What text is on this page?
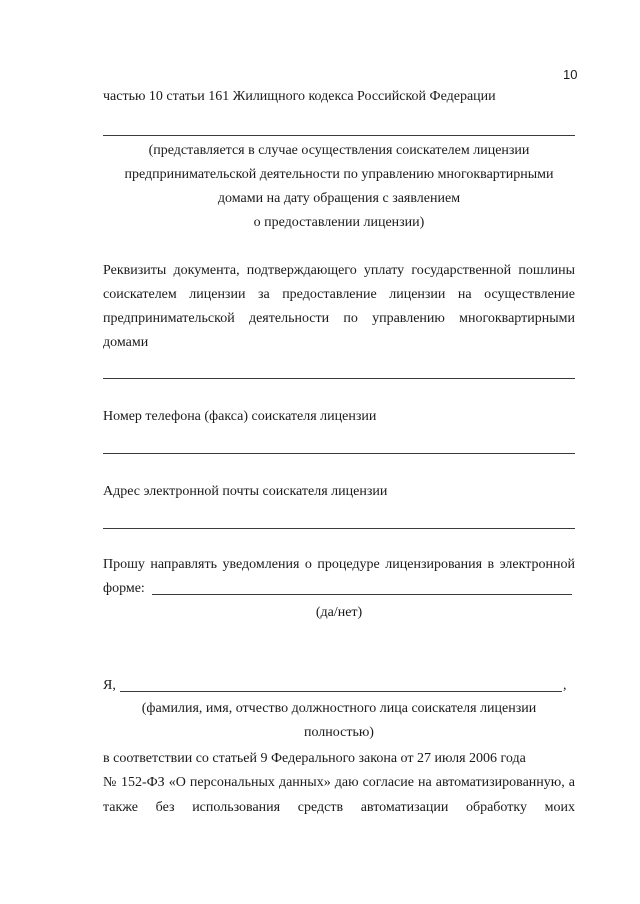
10
частью 10 статьи 161 Жилищного кодекса Российской Федерации
(представляется в случае осуществления соискателем лицензии
предпринимательской деятельности по управлению многоквартирными
домами на дату обращения с заявлением
о предоставлении лицензии)
Реквизиты документа, подтверждающего уплату государственной пошлины
соискателем лицензии за предоставление лицензии на осуществление
предпринимательской деятельности по управлению многоквартирными
домами
Номер телефона (факса) соискателя лицензии
Адрес электронной почты соискателя лицензии
Прошу направлять уведомления о процедуре лицензирования в электронной
форме:
(да/нет)
Я,	,
(фамилия, имя, отчество должностного лица соискателя лицензии
полностью)
в соответствии со статьей 9 Федерального закона от 27 июля 2006 года
№ 152-ФЗ «О персональных данных» даю согласие на автоматизированную, а
также без использования средств автоматизации обработку моих
